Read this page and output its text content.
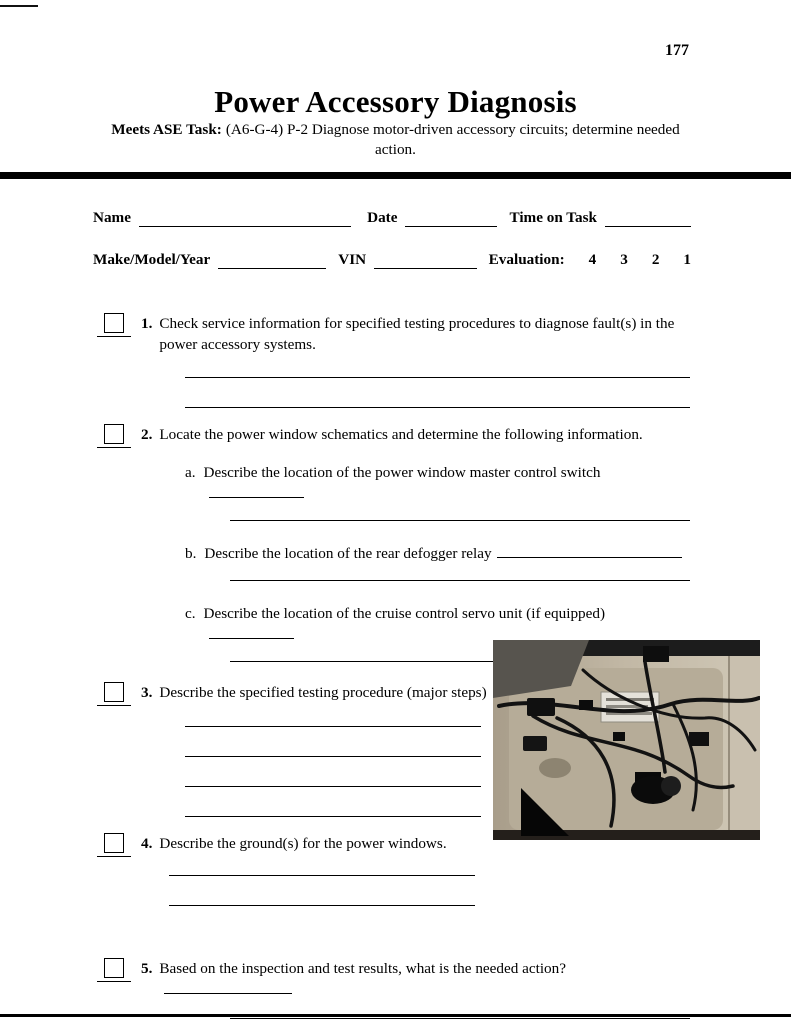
177
Power Accessory Diagnosis
Meets ASE Task: (A6-G-4) P-2 Diagnose motor-driven accessory circuits; determine needed
action.
Name	Date	Time on Task
Make/Model/Year	VIN	Evaluation: 4 3 2 1
1. Check service information for specified testing procedures to diagnose fault(s) in the power accessory systems.
2. Locate the power window schematics and determine the following information.
a. Describe the location of the power window master control switch
b. Describe the location of the rear defogger relay
c. Describe the location of the cruise control servo unit (if equipped)
3. Describe the specified testing procedure (major steps)
4. Describe the ground(s) for the power windows.
5. Based on the inspection and test results, what is the needed action?
